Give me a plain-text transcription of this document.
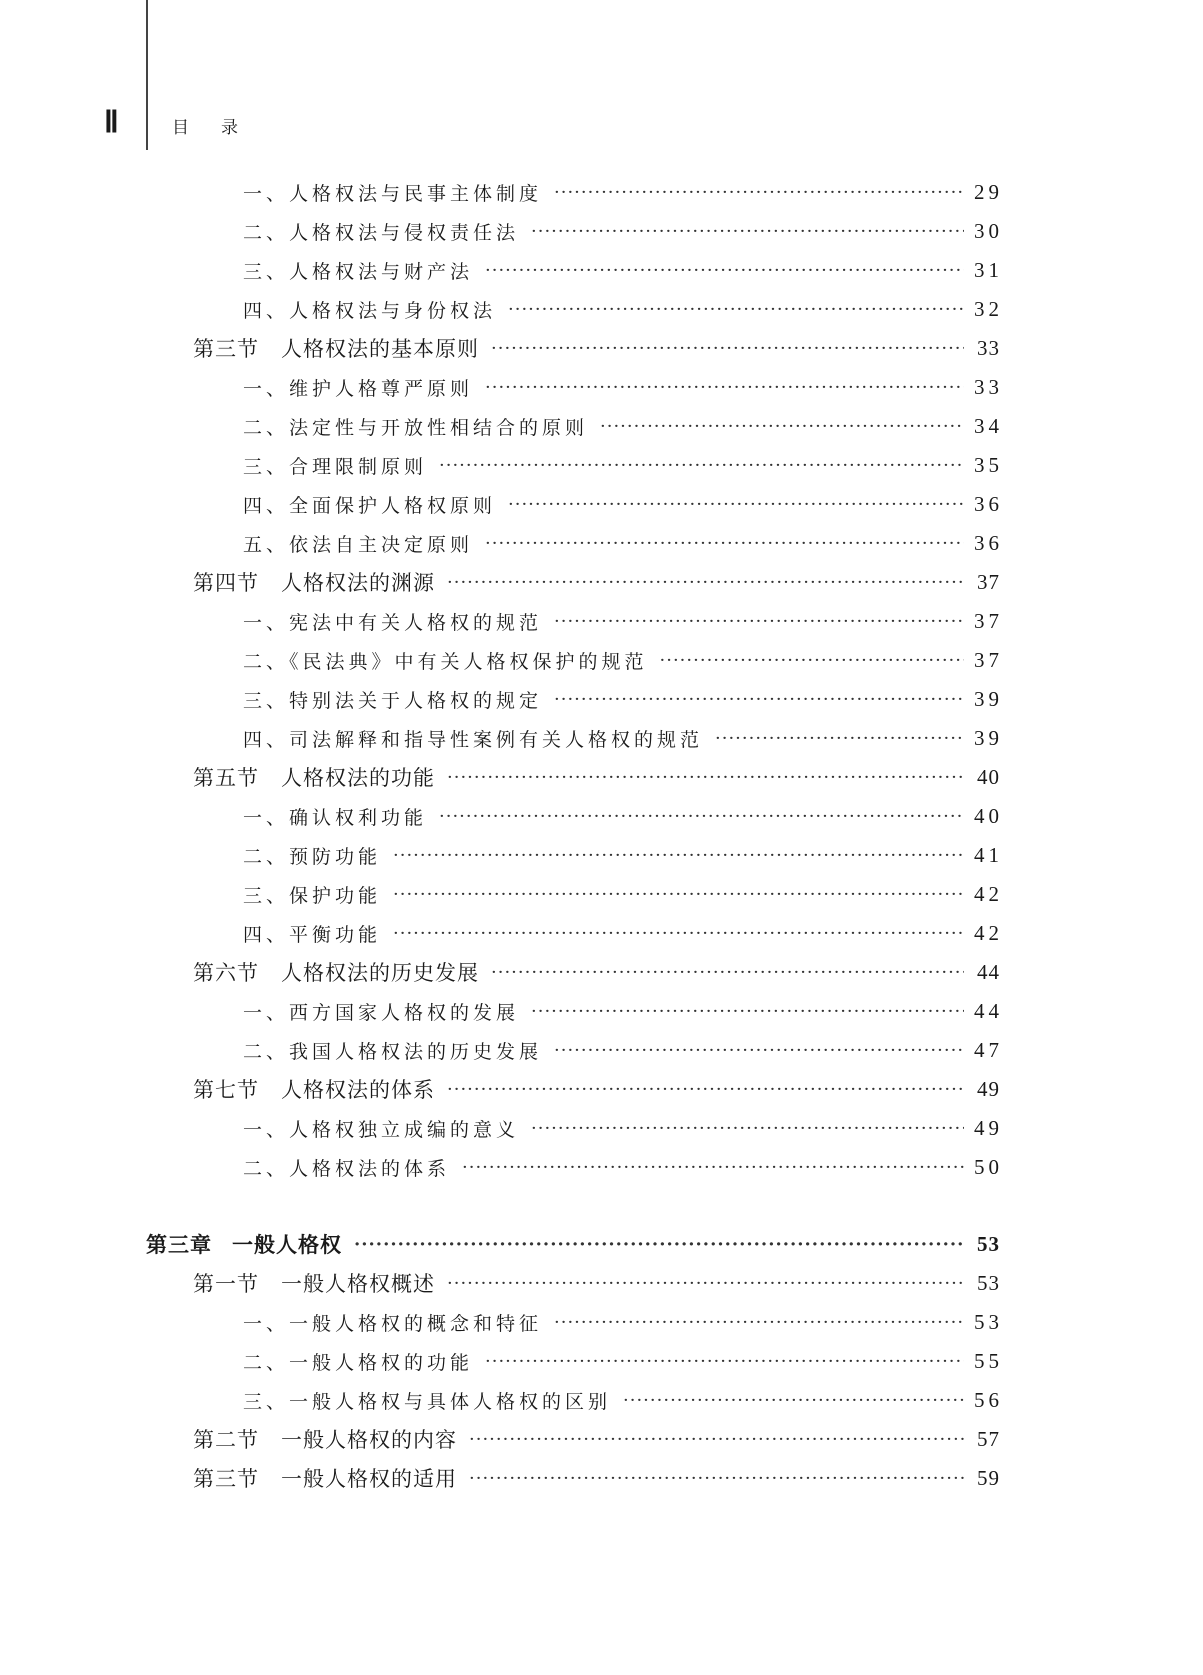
Ⅱ	目录
一、人格权法与民事主体制度 ·····	29
二、人格权法与侵权责任法 ·····	30
三、人格权法与财产法 ·····	31
四、人格权法与身份权法 ·····	32
第三节 人格权法的基本原则 ·····	33
一、维护人格尊严原则 ·····	33
二、法定性与开放性相结合的原则 ·····	34
三、合理限制原则 ·····	35
四、全面保护人格权原则 ·····	36
五、依法自主决定原则 ·····	36
第四节 人格权法的渊源 ·····	37
一、宪法中有关人格权的规范 ·····	37
二、《民法典》中有关人格权保护的规范 ·····	37
三、特别法关于人格权的规定 ·····	39
四、司法解释和指导性案例有关人格权的规范 ·····	39
第五节 人格权法的功能 ·····	40
一、确认权利功能 ·····	40
二、预防功能 ·····	41
三、保护功能 ·····	42
四、平衡功能 ·····	42
第六节 人格权法的历史发展 ·····	44
一、西方国家人格权的发展 ·····	44
二、我国人格权法的历史发展 ·····	47
第七节 人格权法的体系 ·····	49
一、人格权独立成编的意义 ·····	49
二、人格权法的体系 ·····	50
第三章 一般人格权 ·····	53
第一节 一般人格权概述 ·····	53
一、一般人格权的概念和特征 ·····	53
二、一般人格权的功能 ·····	55
三、一般人格权与具体人格权的区别 ·····	56
第二节 一般人格权的内容 ·····	57
第三节 一般人格权的适用 ·····	59
